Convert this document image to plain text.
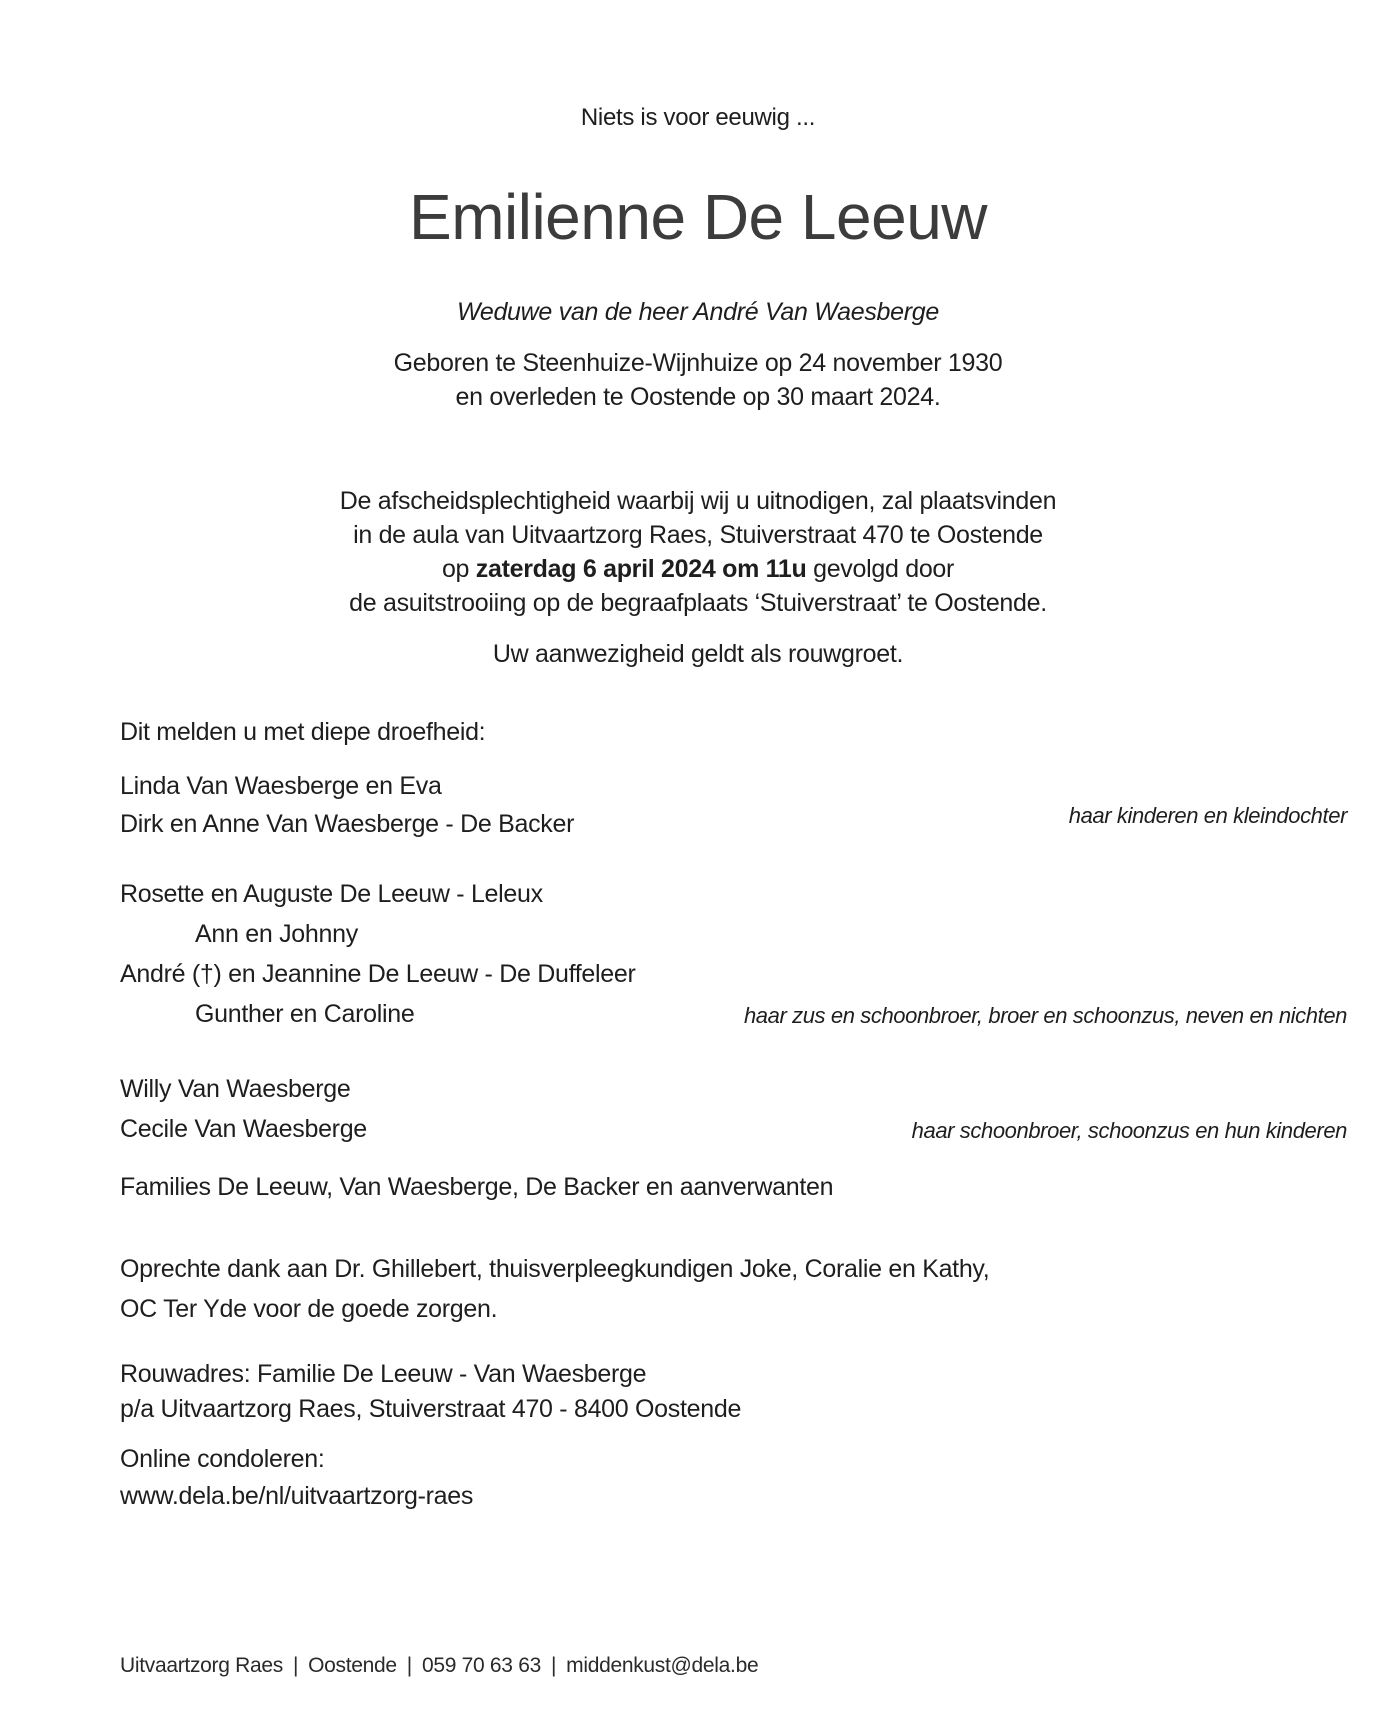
Niets is voor eeuwig ...
Emilienne De Leeuw
Weduwe van de heer André Van Waesberge
Geboren te Steenhuize-Wijnhuize op 24 november 1930
en overleden te Oostende op 30 maart 2024.
De afscheidsplechtigheid waarbij wij u uitnodigen, zal plaatsvinden
in de aula van Uitvaartzorg Raes, Stuiverstraat 470 te Oostende
op zaterdag 6 april 2024 om 11u gevolgd door
de asuitstrooiing op de begraafplaats ‘Stuiverstraat’ te Oostende.
Uw aanwezigheid geldt als rouwgroet.
Dit melden u met diepe droefheid:
Linda Van Waesberge en Eva
Dirk en Anne Van Waesberge - De Backer	haar kinderen en kleindochter
Rosette en Auguste De Leeuw - Leleux
Ann en Johnny
André (†) en Jeannine De Leeuw - De Duffeleer
Gunther en Caroline	haar zus en schoonbroer, broer en schoonzus, neven en nichten
Willy Van Waesberge
Cecile Van Waesberge	haar schoonbroer, schoonzus en hun kinderen
Families De Leeuw, Van Waesberge, De Backer en aanverwanten
Oprechte dank aan Dr. Ghillebert, thuisverpleegkundigen Joke, Coralie en Kathy,
OC Ter Yde voor de goede zorgen.
Rouwadres: Familie De Leeuw - Van Waesberge
p/a Uitvaartzorg Raes, Stuiverstraat 470 - 8400 Oostende
Online condoleren:
www.dela.be/nl/uitvaartzorg-raes
Uitvaartzorg Raes | Oostende | 059 70 63 63 | middenkust@dela.be
